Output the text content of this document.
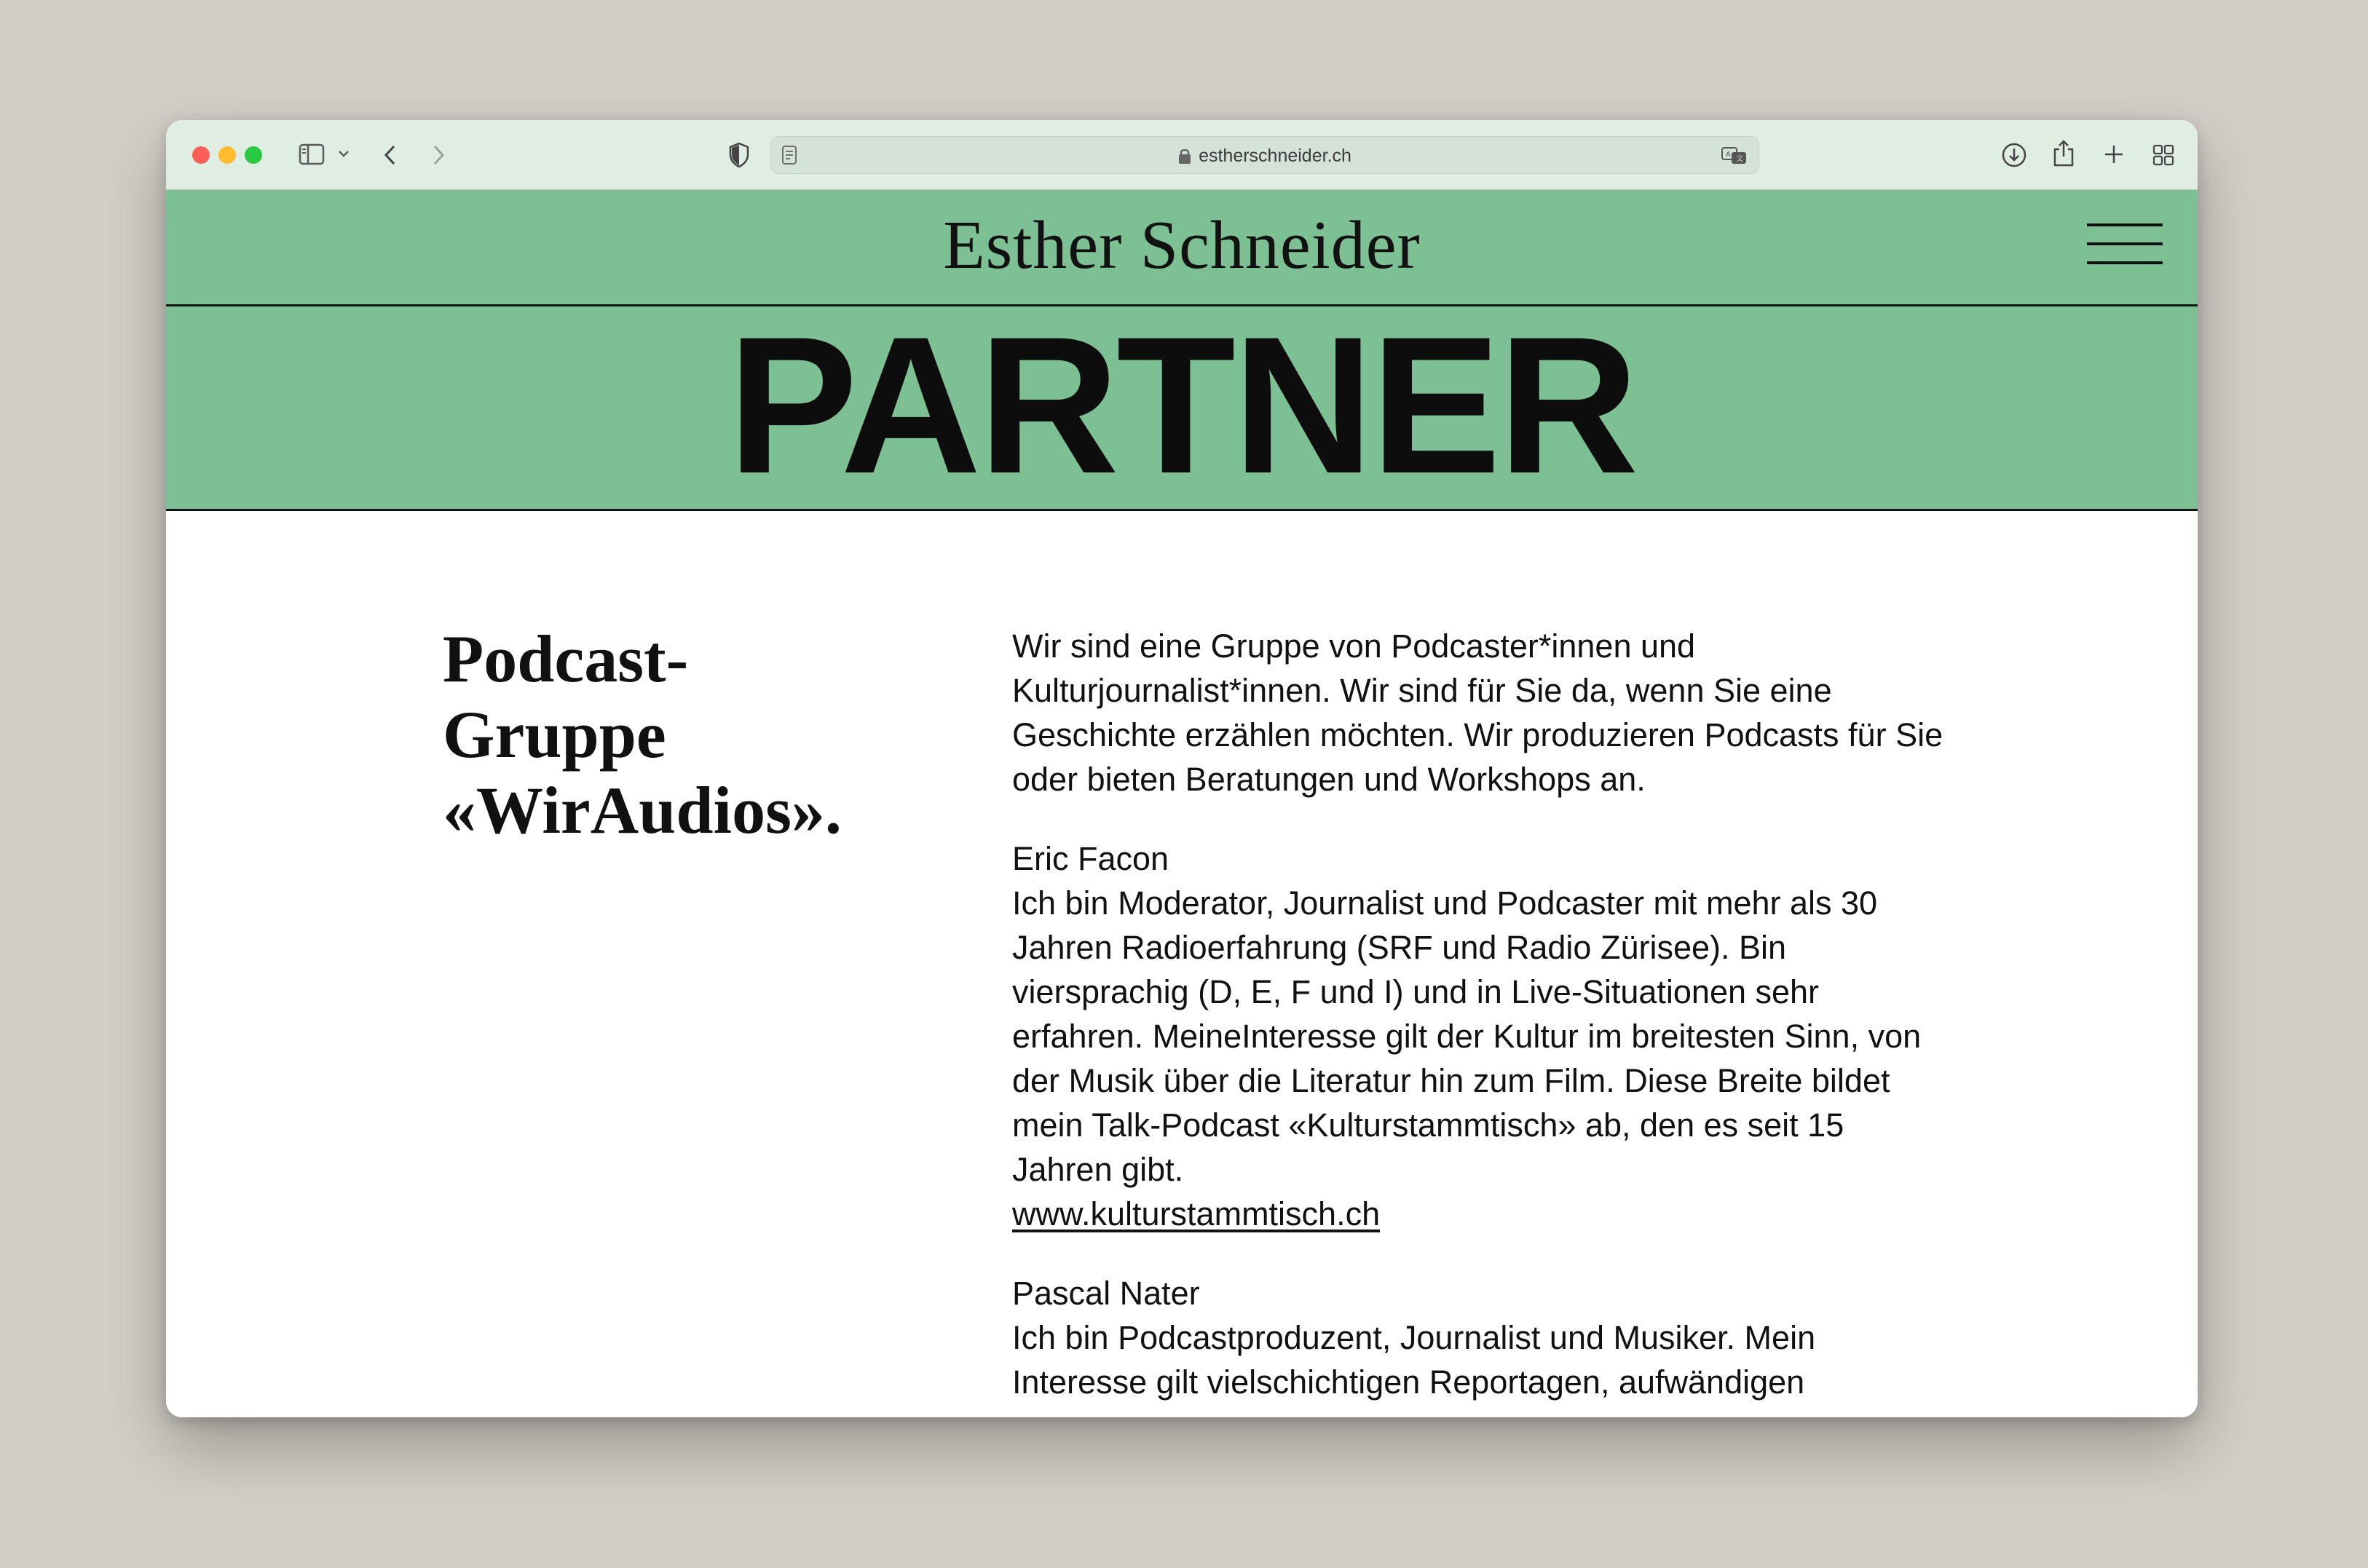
estherschneider.ch	A
文
Esther Schneider
PARTNER
Podcast-Gruppe «WirAudios».

Wir sind eine Gruppe von Podcaster*innen und Kulturjournalist*innen. Wir sind für Sie da, wenn Sie eine Geschichte erzählen möchten. Wir produzieren Podcasts für Sie oder bieten Beratungen und Workshops an.

Eric Facon
Ich bin Moderator, Journalist und Podcaster mit mehr als 30 Jahren Radioerfahrung (SRF und Radio Zürisee). Bin viersprachig (D, E, F und I) und in Live-Situationen sehr erfahren. MeineInteresse gilt der Kultur im breitesten Sinn, von der Musik über die Literatur hin zum Film. Diese Breite bildet mein Talk-Podcast «Kulturstammtisch» ab, den es seit 15 Jahren gibt.
www.kulturstammtisch.ch
Pascal Nater
Ich bin Podcastproduzent, Journalist und Musiker. Mein Interesse gilt vielschichtigen Reportagen, aufwändigen
